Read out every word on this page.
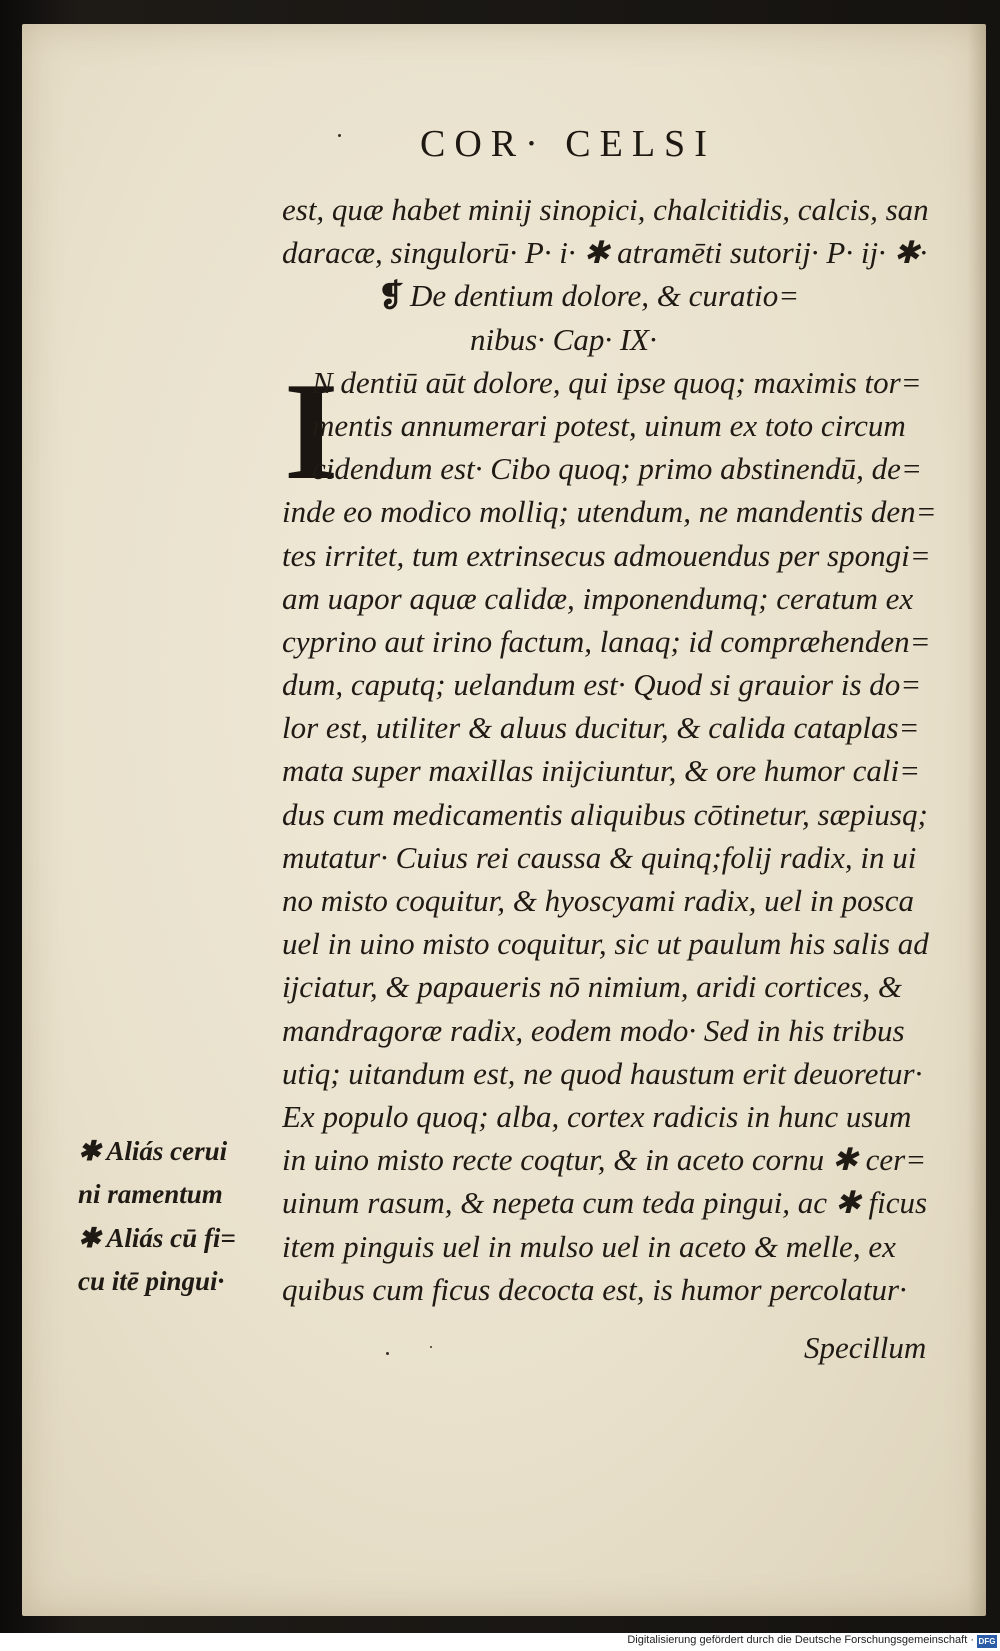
COR· CELSI
I
est, quæ habet minij sinopici, chalcitidis, calcis, san
daracæ, singulorū· P· i· ✱ atramēti sutorij· P· ij· ✱·
❡ De dentium dolore, & curatio=
nibus· Cap· IX·
N dentiū aūt dolore, qui ipse quoq; maximis tor=
mentis annumerari potest, uinum ex toto circum
cidendum est· Cibo quoq; primo abstinendū, de=
inde eo modico molliq; utendum, ne mandentis den=
tes irritet, tum extrinsecus admouendus per spongi=
am uapor aquæ calidæ, imponendumq; ceratum ex
cyprino aut irino factum, lanaq; id compræhenden=
dum, caputq; uelandum est· Quod si grauior is do=
lor est, utiliter & aluus ducitur, & calida cataplas=
mata super maxillas inijciuntur, & ore humor cali=
dus cum medicamentis aliquibus cōtinetur, sæpiusq;
mutatur· Cuius rei caussa & quinq;folij radix, in ui
no misto coquitur, & hyoscyami radix, uel in posca
uel in uino misto coquitur, sic ut paulum his salis ad
ijciatur, & papaueris nō nimium, aridi cortices, &
mandragoræ radix, eodem modo· Sed in his tribus
utiq; uitandum est, ne quod haustum erit deuoretur·
Ex populo quoq; alba, cortex radicis in hunc usum
in uino misto recte coqtur, & in aceto cornu ✱ cer=
uinum rasum, & nepeta cum teda pingui, ac ✱ ficus
item pinguis uel in mulso uel in aceto & melle, ex
quibus cum ficus decocta est, is humor percolatur·
Specillum
✱ Aliás cerui
ni ramentum
✱ Aliás cū fi=
cu itē pingui·
Digitalisierung gefördert durch die Deutsche Forschungsgemeinschaft · DFG
